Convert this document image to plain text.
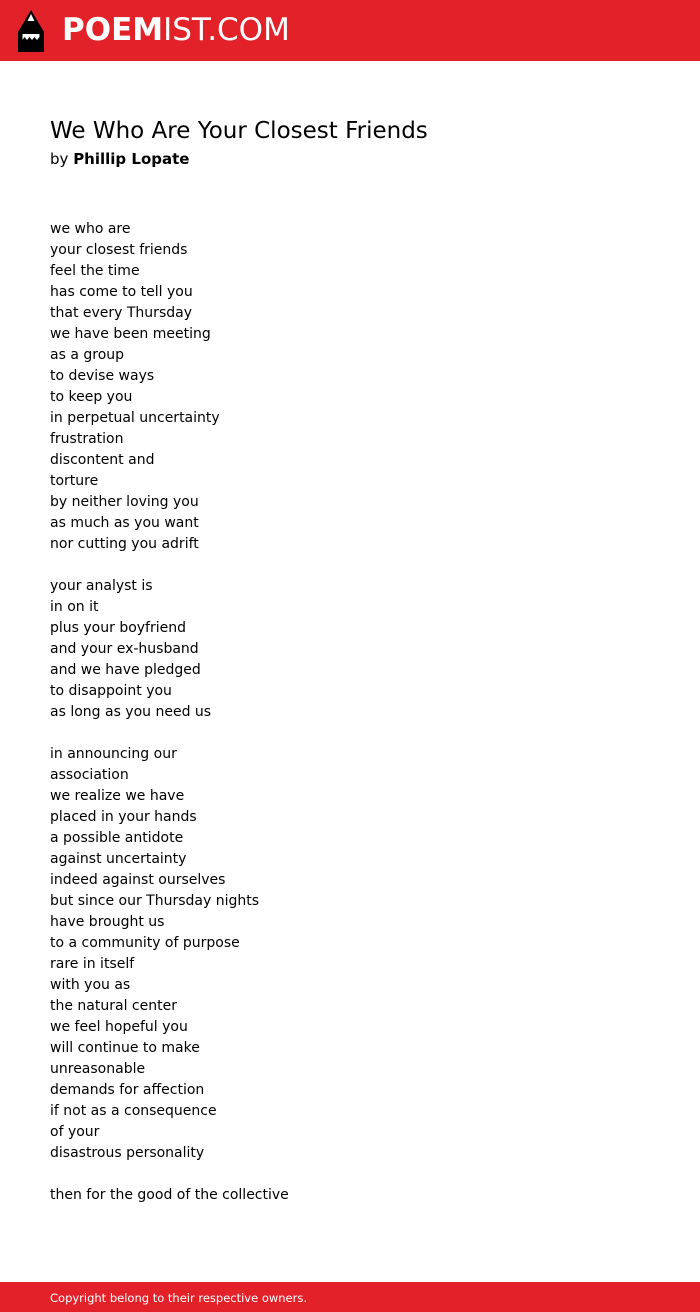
POEMIST.COM
We Who Are Your Closest Friends
by Phillip Lopate
we who are
your closest friends
feel the time
has come to tell you
that every Thursday
we have been meeting
as a group
to devise ways
to keep you
in perpetual uncertainty
frustration
discontent and
torture
by neither loving you
as much as you want
nor cutting you adrift
your analyst is
in on it
plus your boyfriend
and your ex-husband
and we have pledged
to disappoint you
as long as you need us
in announcing our
association
we realize we have
placed in your hands
a possible antidote
against uncertainty
indeed against ourselves
but since our Thursday nights
have brought us
to a community of purpose
rare in itself
with you as
the natural center
we feel hopeful you
will continue to make
unreasonable
demands for affection
if not as a consequence
of your
disastrous personality
then for the good of the collective
Copyright belong to their respective owners.
